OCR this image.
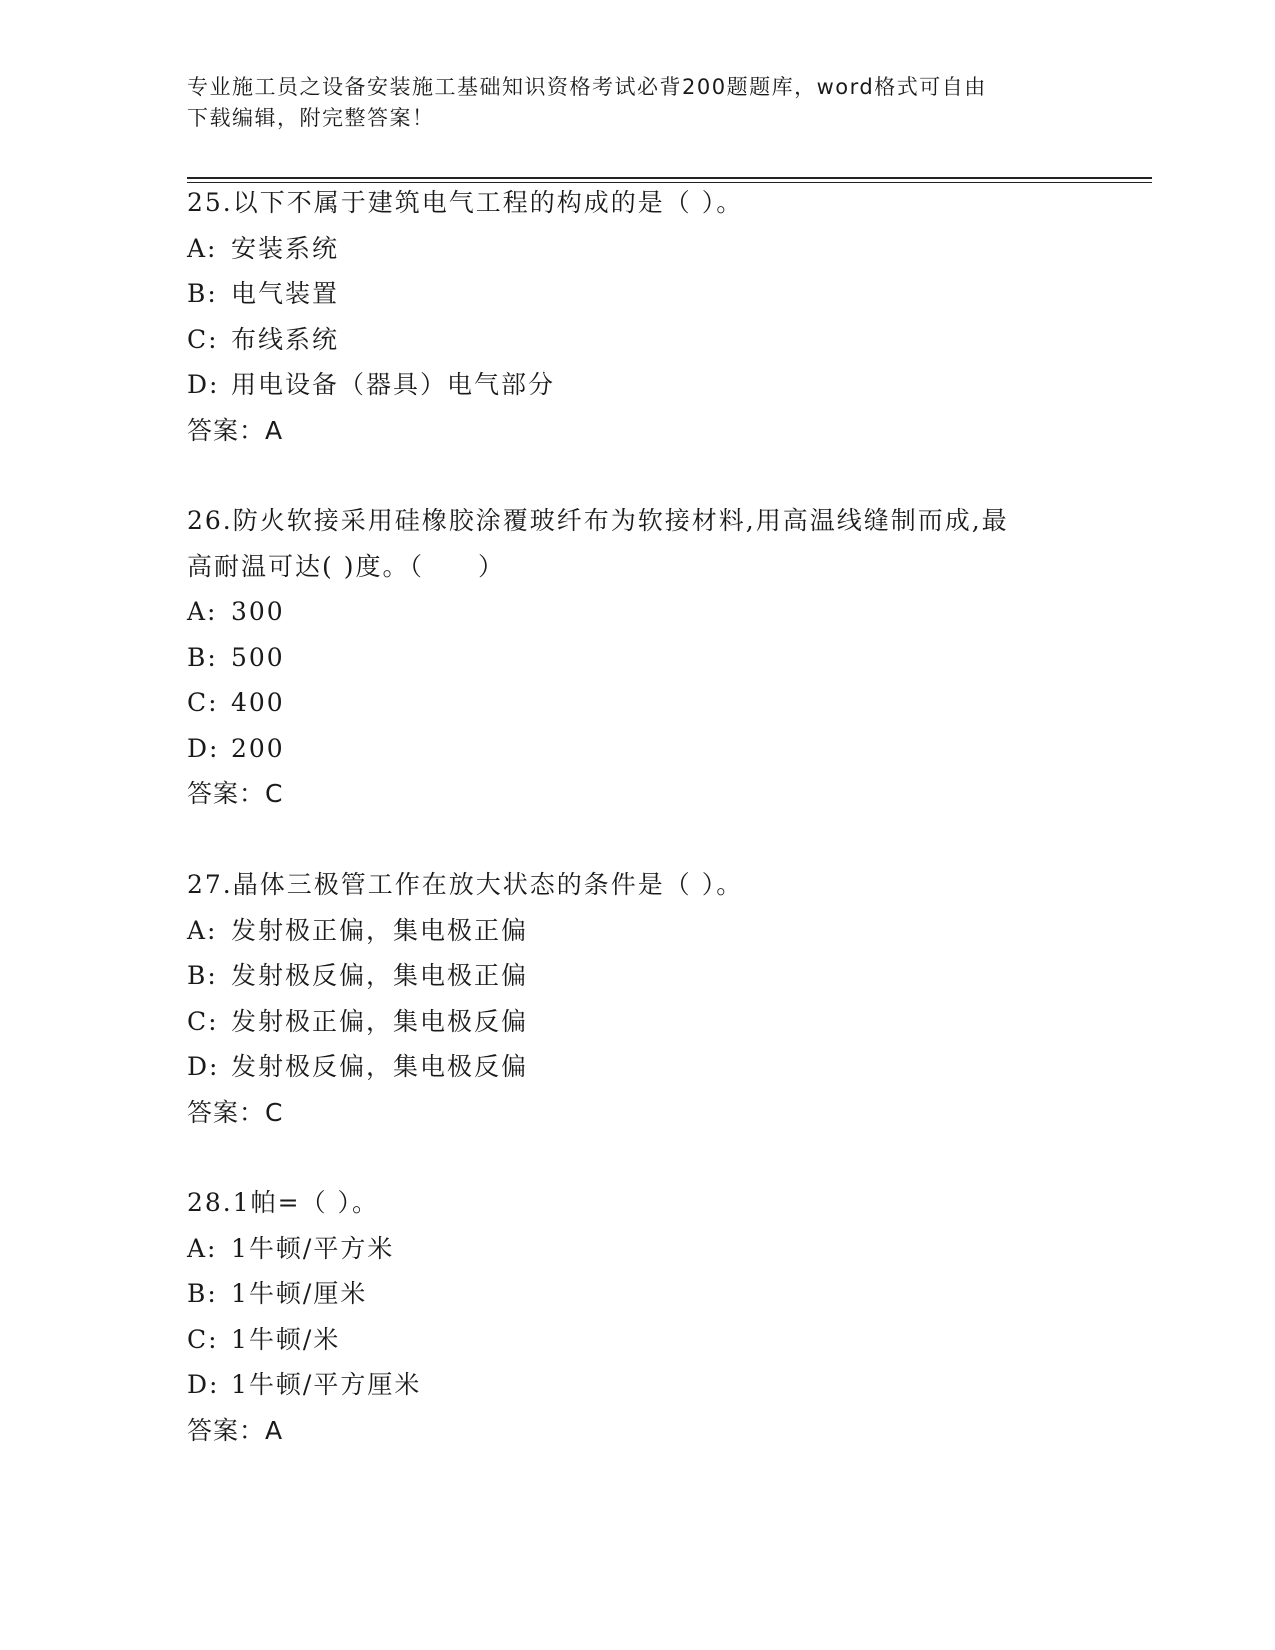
专业施工员之设备安装施工基础知识资格考试必背200题题库，word格式可自由
下载编辑，附完整答案！
25.以下不属于建筑电气工程的构成的是（ ）。
A: 安装系统
B: 电气装置
C: 布线系统
D: 用电设备（器具）电气部分
答案：A
26.防火软接采用硅橡胶涂覆玻纤布为软接材料,用高温线缝制而成,最
高耐温可达( )度。（　　）
A: 300
B: 500
C: 400
D: 200
答案：C
27.晶体三极管工作在放大状态的条件是（ ）。
A: 发射极正偏，集电极正偏
B: 发射极反偏，集电极正偏
C: 发射极正偏，集电极反偏
D: 发射极反偏，集电极反偏
答案：C
28.1帕=（ ）。
A: 1牛顿/平方米
B: 1牛顿/厘米
C: 1牛顿/米
D: 1牛顿/平方厘米
答案：A
